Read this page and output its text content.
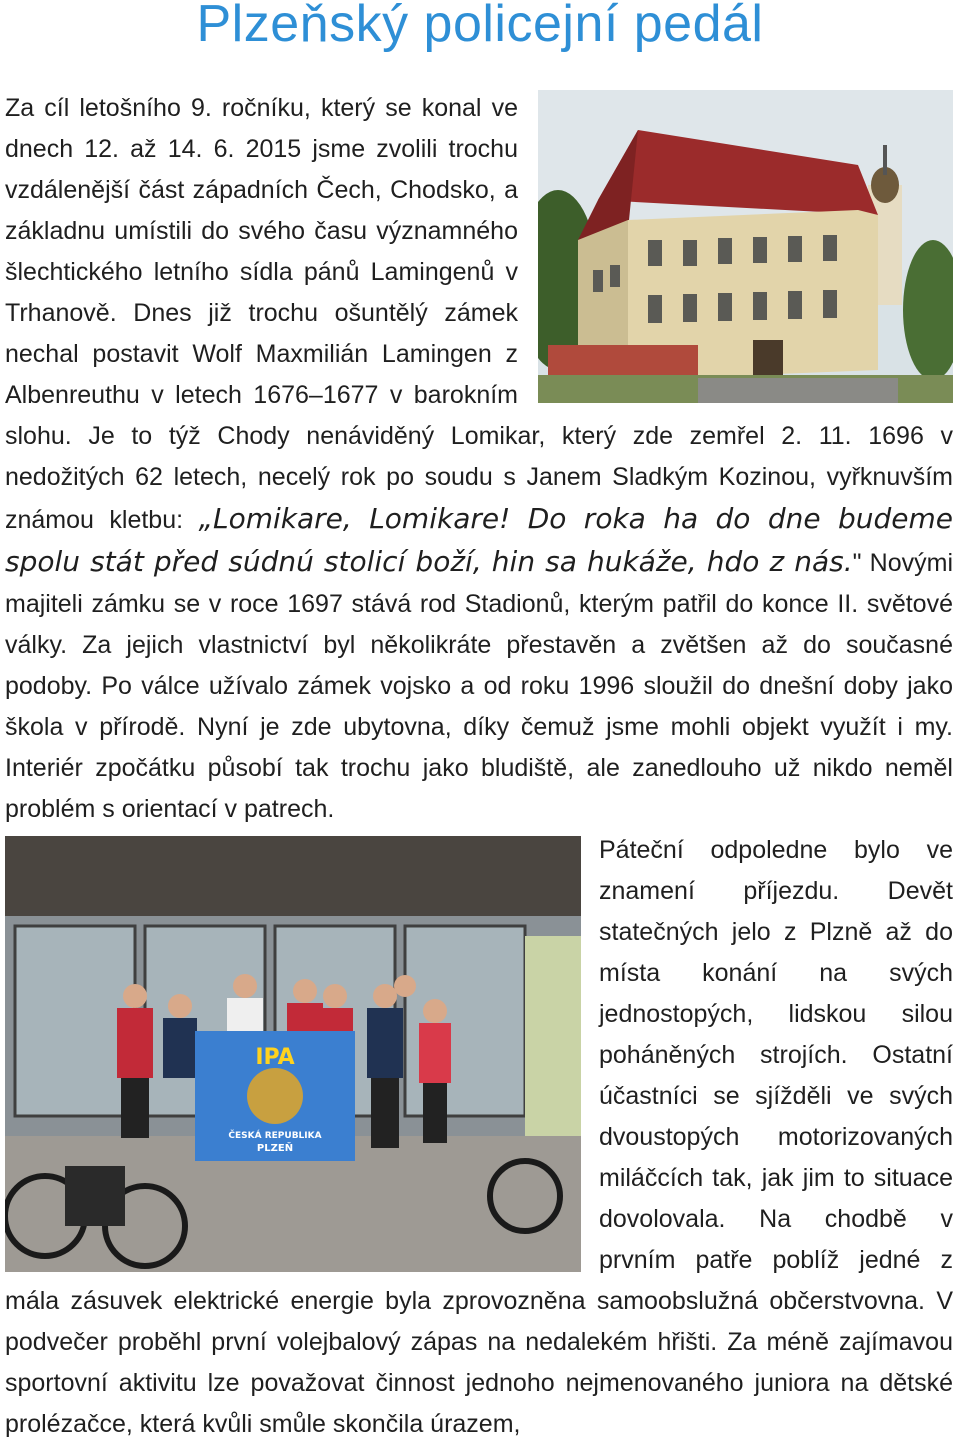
Plzeňský policejní pedál
Za cíl letošního 9. ročníku, který se konal ve dnech 12. až 14. 6. 2015 jsme zvolili trochu vzdálenější část západních Čech, Chodsko, a základnu umístili do svého času významného šlechtického letního sídla pánů Lamingenů v Trhanově. Dnes již trochu ošuntělý zámek nechal postavit Wolf Maxmilián Lamingen z Albenreuthu v letech 1676–1677 v barokním slohu. Je to týž Chody nenáviděný Lomikar, který zde zemřel 2. 11. 1696 v nedožitých 62 letech, necelý rok po soudu s Janem Sladkým Kozinou, vyřknuvším známou kletbu: „Lomikare, Lomikare! Do roka ha do dne budeme spolu stát před súdnú stolicí boží, hin sa hukáže, hdo z nás." Novými majiteli zámku se v roce 1697 stává rod Stadionů, kterým patřil do konce II. světové války. Za jejich vlastnictví byl několikráte přestavěn a zvětšen až do současné podoby. Po válce užívalo zámek vojsko a od roku 1996 sloužil do dnešní doby jako škola v přírodě. Nyní je zde ubytovna, díky čemuž jsme mohli objekt využít i my. Interiér zpočátku působí tak trochu jako bludiště, ale zanedlouho už nikdo neměl problém s orientací v patrech.
IPA
ČESKÁ REPUBLIKA
PLZEŇ
Páteční odpoledne bylo ve znamení příjezdu. Devět statečných jelo z Plzně až do místa konání na svých jednostopých, lidskou silou poháněných strojích. Ostatní účastníci se sjížděli ve svých dvoustopých motorizovaných miláčcích tak, jak jim to situace dovolovala. Na chodbě v prvním patře poblíž jedné z mála zásuvek elektrické energie byla zprovozněna samoobslužná občerstvovna. V podvečer proběhl první volejbalový zápas na nedalekém hřišti. Za méně zajímavou sportovní aktivitu lze považovat činnost jednoho nejmenovaného juniora na dětské prolézačce, která kvůli smůle skončila úrazem,
